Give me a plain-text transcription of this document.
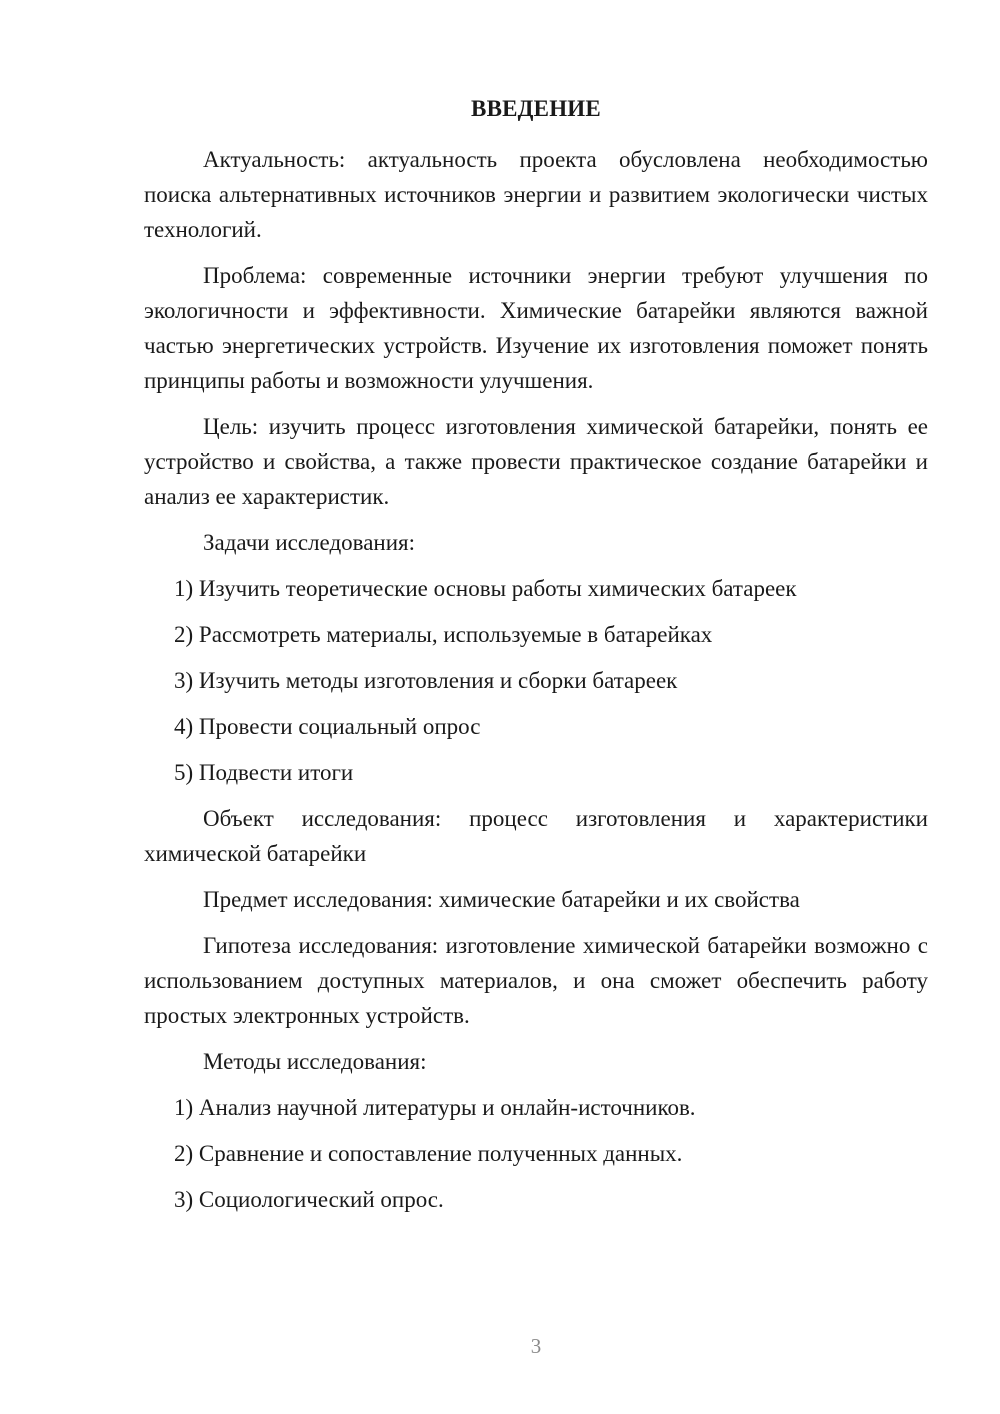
ВВЕДЕНИЕ

Актуальность: актуальность проекта обусловлена необходимостью поиска альтернативных источников энергии и развитием экологически чистых технологий.

Проблема: современные источники энергии требуют улучшения по экологичности и эффективности. Химические батарейки являются важной частью энергетических устройств. Изучение их изготовления поможет понять принципы работы и возможности улучшения.

Цель: изучить процесс изготовления химической батарейки, понять ее устройство и свойства, а также провести практическое создание батарейки и анализ ее характеристик.

Задачи исследования:

1) Изучить теоретические основы работы химических батареек

2) Рассмотреть материалы, используемые в батарейках

3) Изучить методы изготовления и сборки батареек

4) Провести социальный опрос

5) Подвести итоги

Объект исследования: процесс изготовления и характеристики химической батарейки

Предмет исследования: химические батарейки и их свойства

Гипотеза исследования: изготовление химической батарейки возможно с использованием доступных материалов, и она сможет обеспечить работу простых электронных устройств.

Методы исследования:

1) Анализ научной литературы и онлайн-источников.

2) Сравнение и сопоставление полученных данных.

3) Социологический опрос.

3
